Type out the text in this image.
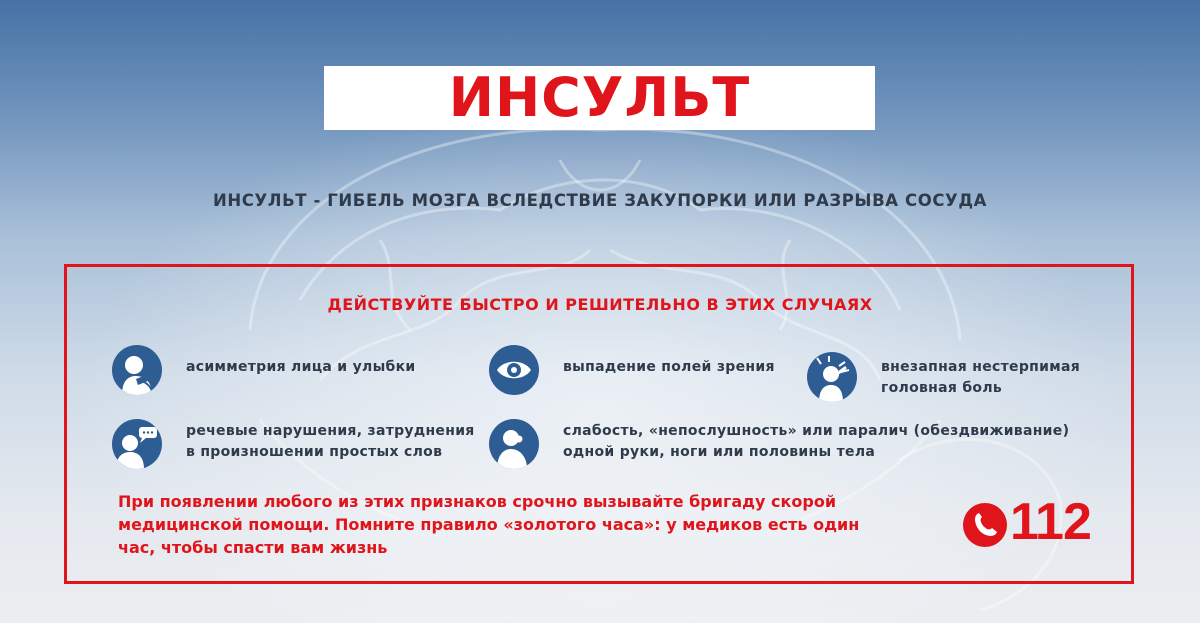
ИНСУЛЬТ
ИНСУЛЬТ - ГИБЕЛЬ МОЗГА ВСЛЕДСТВИЕ ЗАКУПОРКИ ИЛИ РАЗРЫВА СОСУДА
ДЕЙСТВУЙТЕ БЫСТРО И РЕШИТЕЛЬНО В ЭТИХ СЛУЧАЯХ
асимметрия лица и улыбки	выпадение полей зрения	внезапная нестерпимая
головная боль
речевые нарушения, затруднения
в произношении простых слов
слабость, «непослушность» или паралич (обездвиживание)
одной руки, ноги или половины тела
При появлении любого из этих признаков срочно вызывайте бригаду скорой
медицинской помощи. Помните правило «золотого часа»: у медиков есть один
час, чтобы спасти вам жизнь	112
